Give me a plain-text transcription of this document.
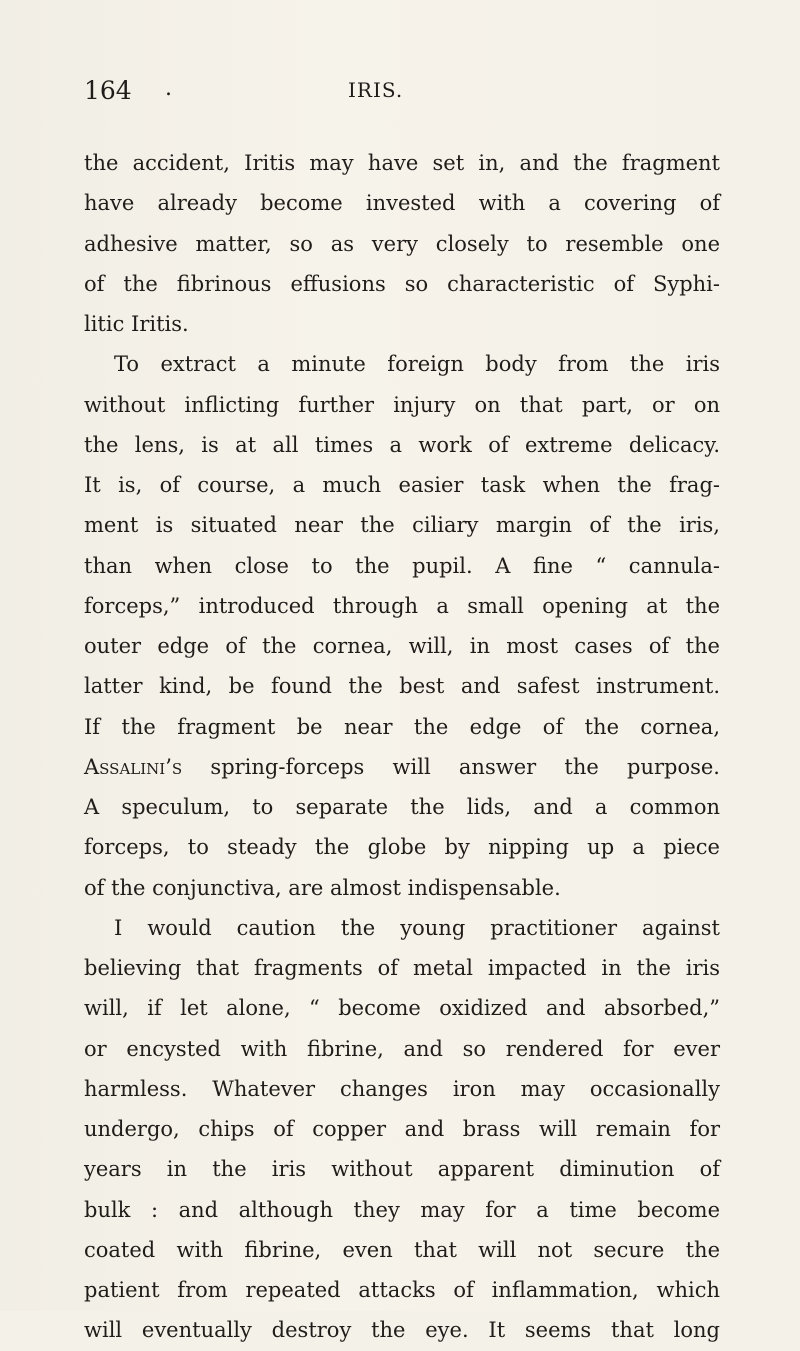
164 .	IRIS.
the accident, Iritis may have set in, and the fragment
have already become invested with a covering of
adhesive matter, so as very closely to resemble one
of the fibrinous effusions so characteristic of Syphi-
litic Iritis.
To extract a minute foreign body from the iris
without inflicting further injury on that part, or on
the lens, is at all times a work of extreme delicacy.
It is, of course, a much easier task when the frag-
ment is situated near the ciliary margin of the iris,
than when close to the pupil. A fine “ cannula-
forceps,” introduced through a small opening at the
outer edge of the cornea, will, in most cases of the
latter kind, be found the best and safest instrument.
If the fragment be near the edge of the cornea,
Assalini’s spring-forceps will answer the purpose.
A speculum, to separate the lids, and a common
forceps, to steady the globe by nipping up a piece
of the conjunctiva, are almost indispensable.
I would caution the young practitioner against
believing that fragments of metal impacted in the iris
will, if let alone, “ become oxidized and absorbed,”
or encysted with fibrine, and so rendered for ever
harmless. Whatever changes iron may occasionally
undergo, chips of copper and brass will remain for
years in the iris without apparent diminution of
bulk : and although they may for a time become
coated with fibrine, even that will not secure the
patient from repeated attacks of inflammation, which
will eventually destroy the eye. It seems that long
